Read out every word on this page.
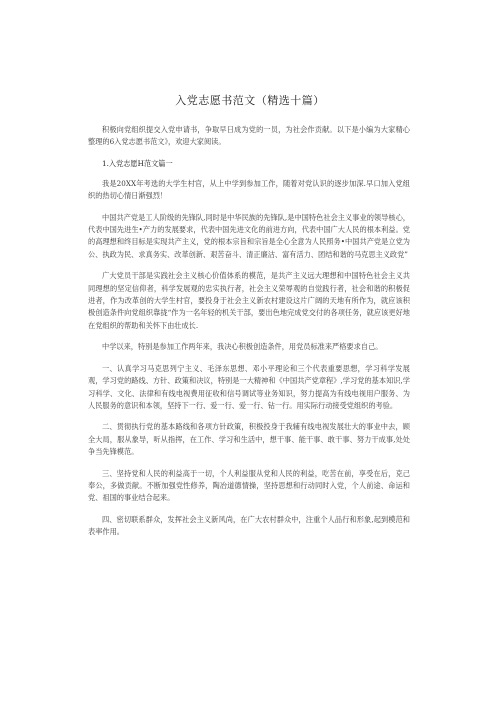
入党志愿书范文（精选十篇）

积极向党组织提交入党申请书，争取早日成为党的一员，为社会作贡献。以下是小编为大家精心整理的6入党志愿书范文》，欢迎大家阅读。

1.入党志愿H范文篇一

我是20XX年考选的大学生村官，从上中学到参加工作，随着对党认识的逐步加深.早口加入党组织的热切心情日渐强烈！

中国共产党是工人阶级的先锋队,同时是中华民族的先锋队,是中国特色社会主义事业的领导核心，代表中国先进生•产力的发展要求，代表中国先进文化的前进方向，代表中国广大人民的根本利益。党的高理想和终目标是实现共产主义，党的根本宗旨和宗旨是全心全意为人民照务•中国共产党是立党为公、执政为民、求真务实、改革创新、艰苦奋斗、清正廉沽、富有活力、团结和谐的马克思主义政党”

广大党员干部是实践社会主义核心价值体系的模范，是共产主义远大理想和中国特色社会主义共同理想的坚定信仰者，科学发展观的忠实执行者，社会主义荣辱观的自觉践行者，社会和谐的积极促进者，作为改革创的大学生村官，要投身于社会主义新农村建设这片广阔的天地有所作为，就应该积极创造条件向党组织靠拢“作为一名年轻的机关干部，要出色地完成党交付的各项任务，就应该更好地在党组织的帮助和关怀下由壮成长.

中学以来，特别是参加工作两年来，我决心积极创造条件，用党员标准来严格要求自己。

一、认真学习马克思列宁主义、毛泽东思想、邓小平理论和三个代表重要思想，学习科学发展观，学习党的路线、方针、政策和决议，特别是一大精神和《中国共产党章程》,学习党的基本知识,学习科学、文化、法律和有线电视费用征收和信号调试等业务知识，努力提高为有线电视用户服务、为人民服务的意识和本领，坚持下一行、爱一行、爱一行、钻一行。用实际行动接受党组织的考验。

二、贯彻执行党的基本路线和各项方针政策，积极投身于我辅有线电视发展壮大的事业中去，顾全大局，服从象导，听从指挥，在工作、学习和生活中，想干事、能干事、敢干事、努力干成事,处处争当先锋模范。

三、坚持党和人民的利益高于一切，个人利益服从党和人民的利益，吃苦在前，享受在后，克己奉公，多做贡献。不断加强党性修养，陶冶道德情操，坚持思想和行动同时入党，个人前途、命运和党、祖国的事业结合起来。

四、密切联系群众，发挥社会主义新风尚，在广大农村群众中，注重个人品行和形象,起到模范和表率作用。
